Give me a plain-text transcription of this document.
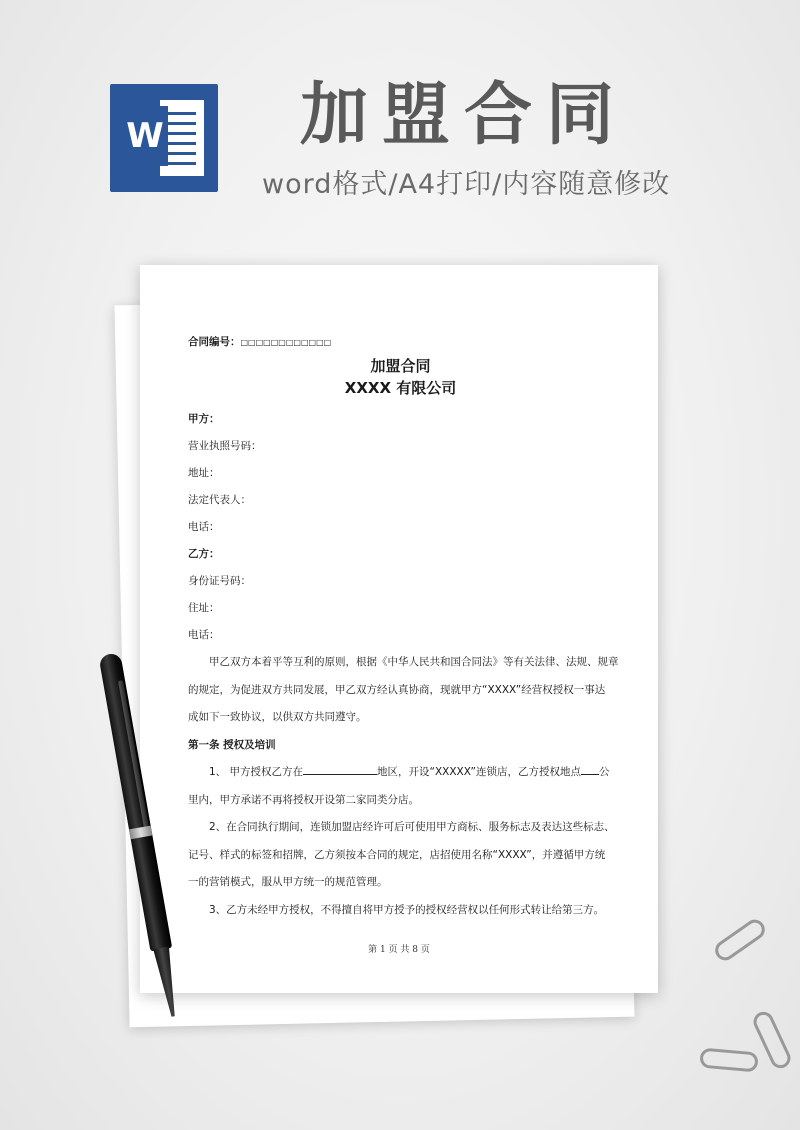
W 加盟合同
word格式/A4打印/内容随意修改
合同编号：□□□□□□□□□□□□
加盟合同
XXXX 有限公司
甲方：
营业执照号码：
地址：
法定代表人：
电话：
乙方：
身份证号码：
住址：
电话：
甲乙双方本着平等互利的原则，根据《中华人民共和国合同法》等有关法律、法规、规章
的规定，为促进双方共同发展，甲乙双方经认真协商，现就甲方“XXXX”经营权授权一事达
成如下一致协议，以供双方共同遵守。
第一条 授权及培训
1、 甲方授权乙方在	地区，开设“XXXXX”连锁店，乙方授权地点 公
里内，甲方承诺不再将授权开设第二家同类分店。
2、在合同执行期间，连锁加盟店经许可后可使用甲方商标、服务标志及表达这些标志、
记号、样式的标签和招牌，乙方须按本合同的规定，店招使用名称“XXXX”，并遵循甲方统
一的营销模式，服从甲方统一的规范管理。
3、乙方未经甲方授权，不得擅自将甲方授予的授权经营权以任何形式转让给第三方。
第 1 页 共 8 页
